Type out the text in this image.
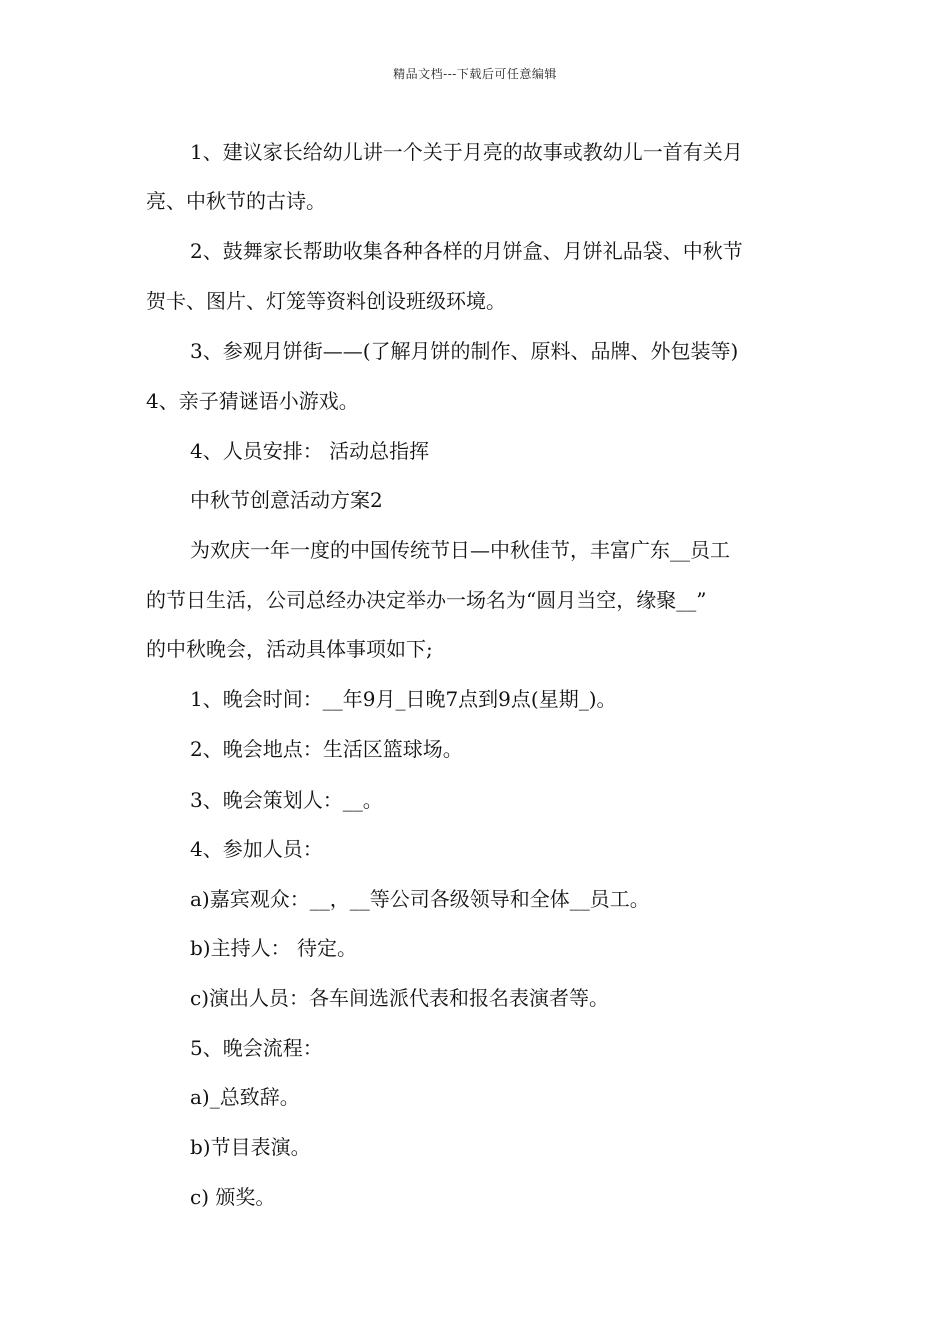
精品文档---下载后可任意编辑
1、建议家长给幼儿讲一个关于月亮的故事或教幼儿一首有关月
亮、中秋节的古诗。
2、鼓舞家长帮助收集各种各样的月饼盒、月饼礼品袋、中秋节
贺卡、图片、灯笼等资料创设班级环境。
3、参观月饼街——(了解月饼的制作、原料、品牌、外包装等)
4、亲子猜谜语小游戏。
4、人员安排： 活动总指挥
中秋节创意活动方案2
为欢庆一年一度的中国传统节日—中秋佳节，丰富广东__员工
的节日生活，公司总经办决定举办一场名为“圆月当空，缘聚__”
的中秋晚会，活动具体事项如下;
1、晚会时间：__年9月_日晚7点到9点(星期_)。
2、晚会地点：生活区篮球场。
3、晚会策划人：__。
4、参加人员：
a)嘉宾观众：__，__等公司各级领导和全体__员工。
b)主持人： 待定。
c)演出人员：各车间选派代表和报名表演者等。
5、晚会流程：
a)_总致辞。
b)节目表演。
c) 颁奖。
